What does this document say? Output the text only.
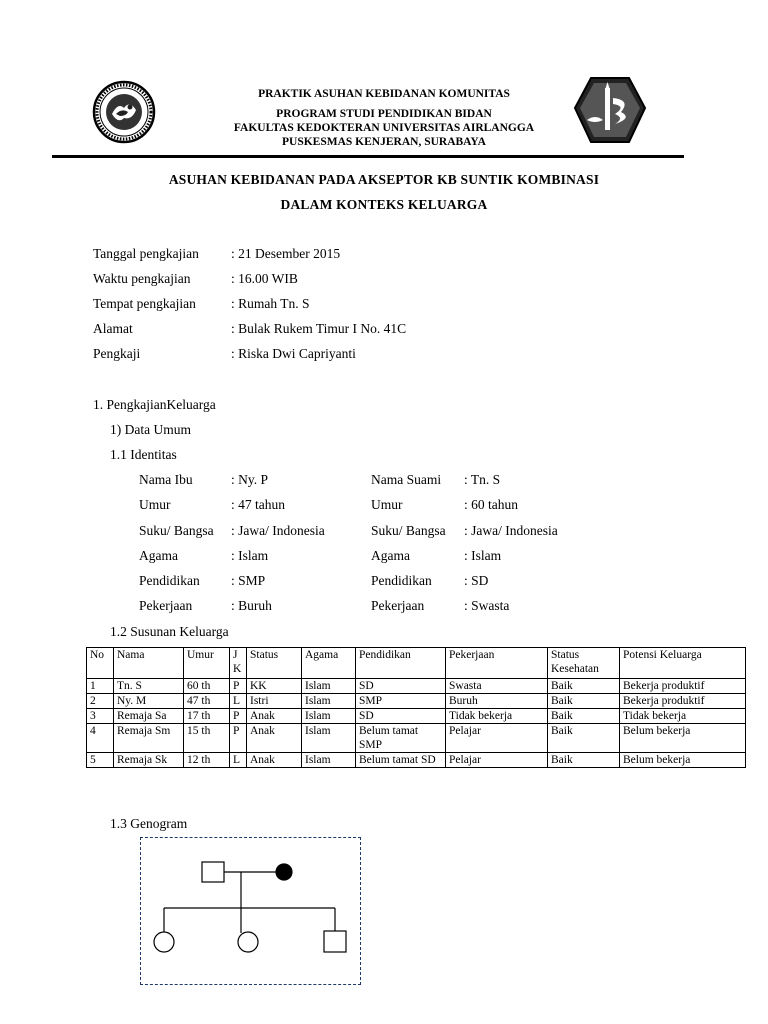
PRAKTIK ASUHAN KEBIDANAN KOMUNITAS
PROGRAM STUDI PENDIDIKAN BIDAN
FAKULTAS KEDOKTERAN UNIVERSITAS AIRLANGGA
PUSKESMAS KENJERAN, SURABAYA
ASUHAN KEBIDANAN PADA AKSEPTOR KB SUNTIK KOMBINASI
DALAM KONTEKS KELUARGA
Tanggal pengkajian : 21 Desember 2015
Waktu pengkajian	: 16.00 WIB
Tempat pengkajian	: Rumah Tn. S
Alamat	: Bulak Rukem Timur I No. 41C
Pengkaji	: Riska Dwi Capriyanti
1. PengkajianKeluarga
1) Data Umum
1.1 Identitas
Nama Ibu	: Ny. P	Nama Suami : Tn. S
Umur	: 47 tahun	Umur	: 60 tahun
Suku/ Bangsa : Jawa/ Indonesia	Suku/ Bangsa : Jawa/ Indonesia
Agama	: Islam	Agama	: Islam
Pendidikan : SMP	Pendidikan : SD
Pekerjaan	: Buruh	Pekerjaan	: Swasta
1.2 Susunan Keluarga
No	Nama	Umur	JK	Status	Agama	Pendidikan	Pekerjaan	Status Kesehatan	Potensi Keluarga
1	Tn. S	60 th	P	KK	Islam	SD	Swasta	Baik	Bekerja produktif
2	Ny. M	47 th	L	Istri	Islam	SMP	Buruh	Baik	Bekerja produktif
3	Remaja Sa	17 th	P	Anak	Islam	SD	Tidak bekerja	Baik	Tidak bekerja
4	Remaja Sm	15 th	P	Anak	Islam	Belum tamat SMP	Pelajar	Baik	Belum bekerja
5	Remaja Sk	12 th	L	Anak	Islam	Belum tamat SD	Pelajar	Baik	Belum bekerja
1.3 Genogram
